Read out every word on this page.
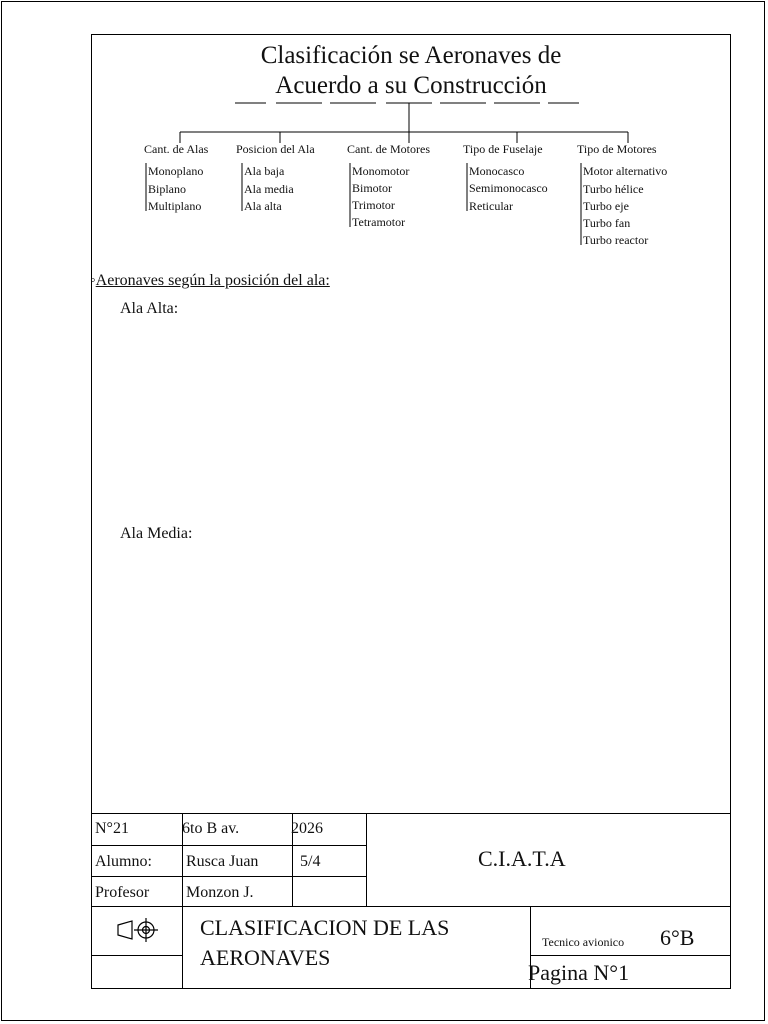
Clasificación se Aeronaves de
Acuerdo a su Construcción
Cant. de Alas Posicion del Ala	Cant. de Motores	Tipo de Fuselaje	Tipo de Motores
Monoplano
Biplano
Multiplano
Ala baja
Ala media
Ala alta
Monomotor
Bimotor
Trimotor
Tetramotor
Monocasco
Semimonocasco
Reticular
Motor alternativo
Turbo hélice
Turbo eje
Turbo fan
Turbo reactor
◦Aeronaves según la posición del ala:
Ala Alta:
Ala Media:
N°21	6to B av.	2026
Alumno: Rusca Juan	5/4
Profesor Monzon J.
C.I.A.T.A
CLASIFICACION DE LAS
AERONAVES
Tecnico avionico 6°B
Pagina N°1
